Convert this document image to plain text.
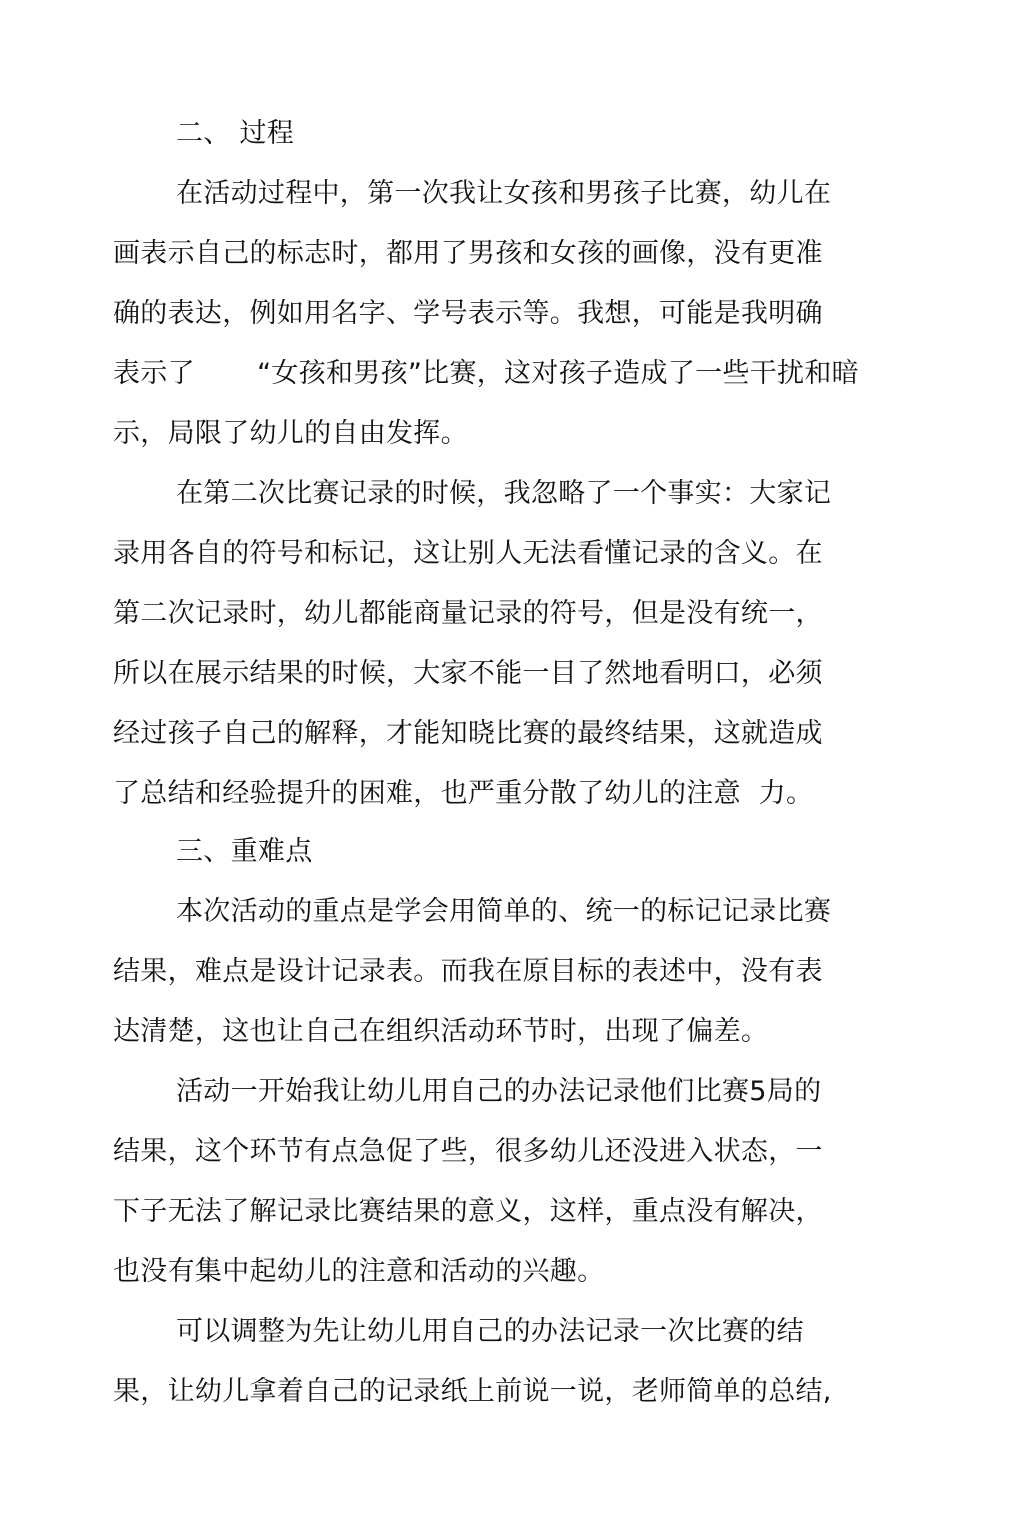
二、 过程
在活动过程中，第一次我让女孩和男孩子比赛，幼儿在
画表示自己的标志时，都用了男孩和女孩的画像，没有更准
确的表达，例如用名字、学号表示等。我想，可能是我明确
表示了       “女孩和男孩”比赛，这对孩子造成了一些干扰和暗
示，局限了幼儿的自由发挥。
在第二次比赛记录的时候，我忽略了一个事实：大家记
录用各自的符号和标记，这让别人无法看懂记录的含义。在
第二次记录时，幼儿都能商量记录的符号，但是没有统一，
所以在展示结果的时候，大家不能一目了然地看明口，必须
经过孩子自己的解释，才能知晓比赛的最终结果，这就造成
了总结和经验提升的困难，也严重分散了幼儿的注意  力。
三、重难点
本次活动的重点是学会用简单的、统一的标记记录比赛
结果，难点是设计记录表。而我在原目标的表述中，没有表
达清楚，这也让自己在组织活动环节时，出现了偏差。
活动一开始我让幼儿用自己的办法记录他们比赛5局的
结果，这个环节有点急促了些，很多幼儿还没进入状态，一
下子无法了解记录比赛结果的意义，这样，重点没有解决，
也没有集中起幼儿的注意和活动的兴趣。
可以调整为先让幼儿用自己的办法记录一次比赛的结
果，让幼儿拿着自己的记录纸上前说一说，老师简单的总结,
